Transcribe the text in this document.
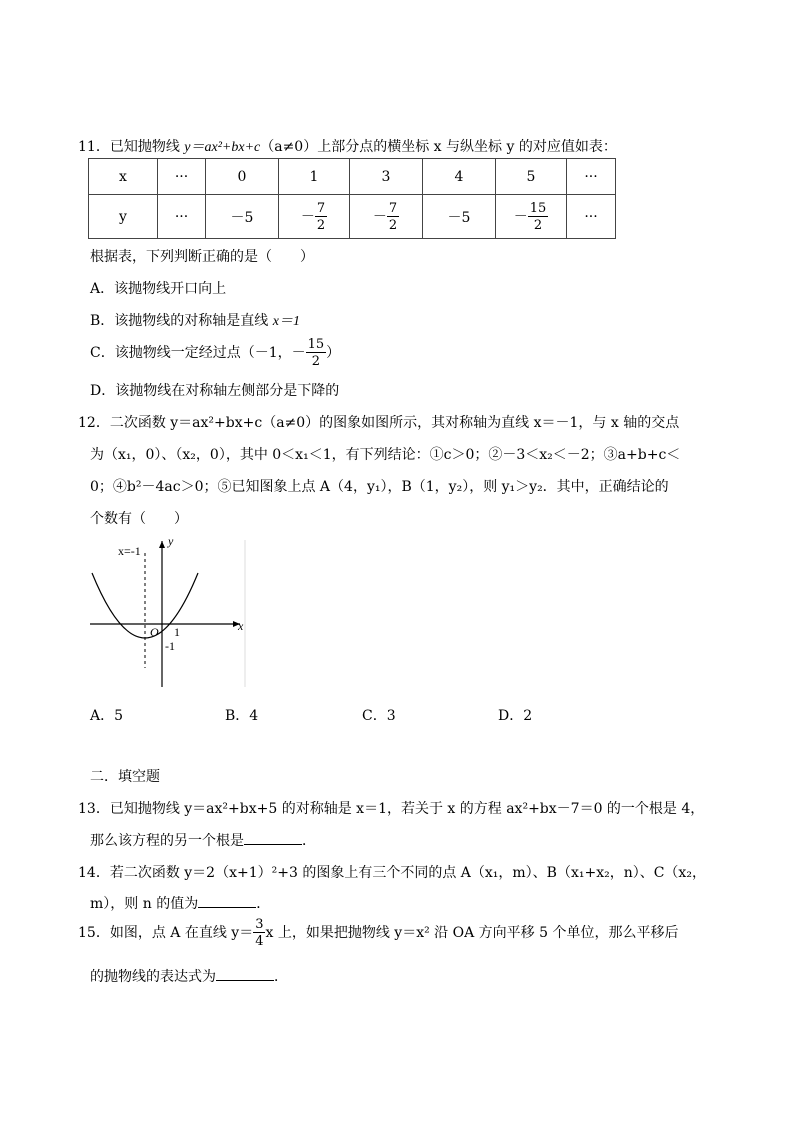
11．已知抛物线 y＝ax²+bx+c（a≠0）上部分点的横坐标 x 与纵坐标 y 的对应值如表：
x	···	0	1	3	4	5	···
y	···	－5	－ $\frac{7}{2}$	－ $\frac{7}{2}$	－5	－ $\frac{15}{2}$	···
根据表，下列判断正确的是（　　）
A．该抛物线开口向上
B．该抛物线的对称轴是直线 x＝1
C．该抛物线一定经过点（－1，－ $\frac{15}{2}$ ）
D．该抛物线在对称轴左侧部分是下降的
12．二次函数 y＝ax²+bx+c（a≠0）的图象如图所示，其对称轴为直线 x＝－1，与 x 轴的交点
为（x₁，0）、（x₂，0），其中 0＜x₁＜1，有下列结论：①c＞0；②－3＜x₂＜－2；③a+b+c＜
0；④b²－4ac＞0；⑤已知图象上点 A（4，y₁），B（1，y₂），则 y₁＞y₂．其中，正确结论的
个数有（　　）
x=-1
y
x
O 1
-1
A．5	B．4	C．3	D．2
二．填空题
13．已知抛物线 y＝ax²+bx+5 的对称轴是 x＝1，若关于 x 的方程 ax²+bx－7＝0 的一个根是 4，
那么该方程的另一个根是	．
14．若二次函数 y＝2（x+1）²+3 的图象上有三个不同的点 A（x₁，m）、B（x₁+x₂，n）、C（x₂，
m），则 n 的值为	．
15．如图，点 A 在直线 $y= \frac{3}{4}$ x 上，如果把抛物线 y＝x² 沿 OA 方向平移 5 个单位，那么平移后
的抛物线的表达式为	．
